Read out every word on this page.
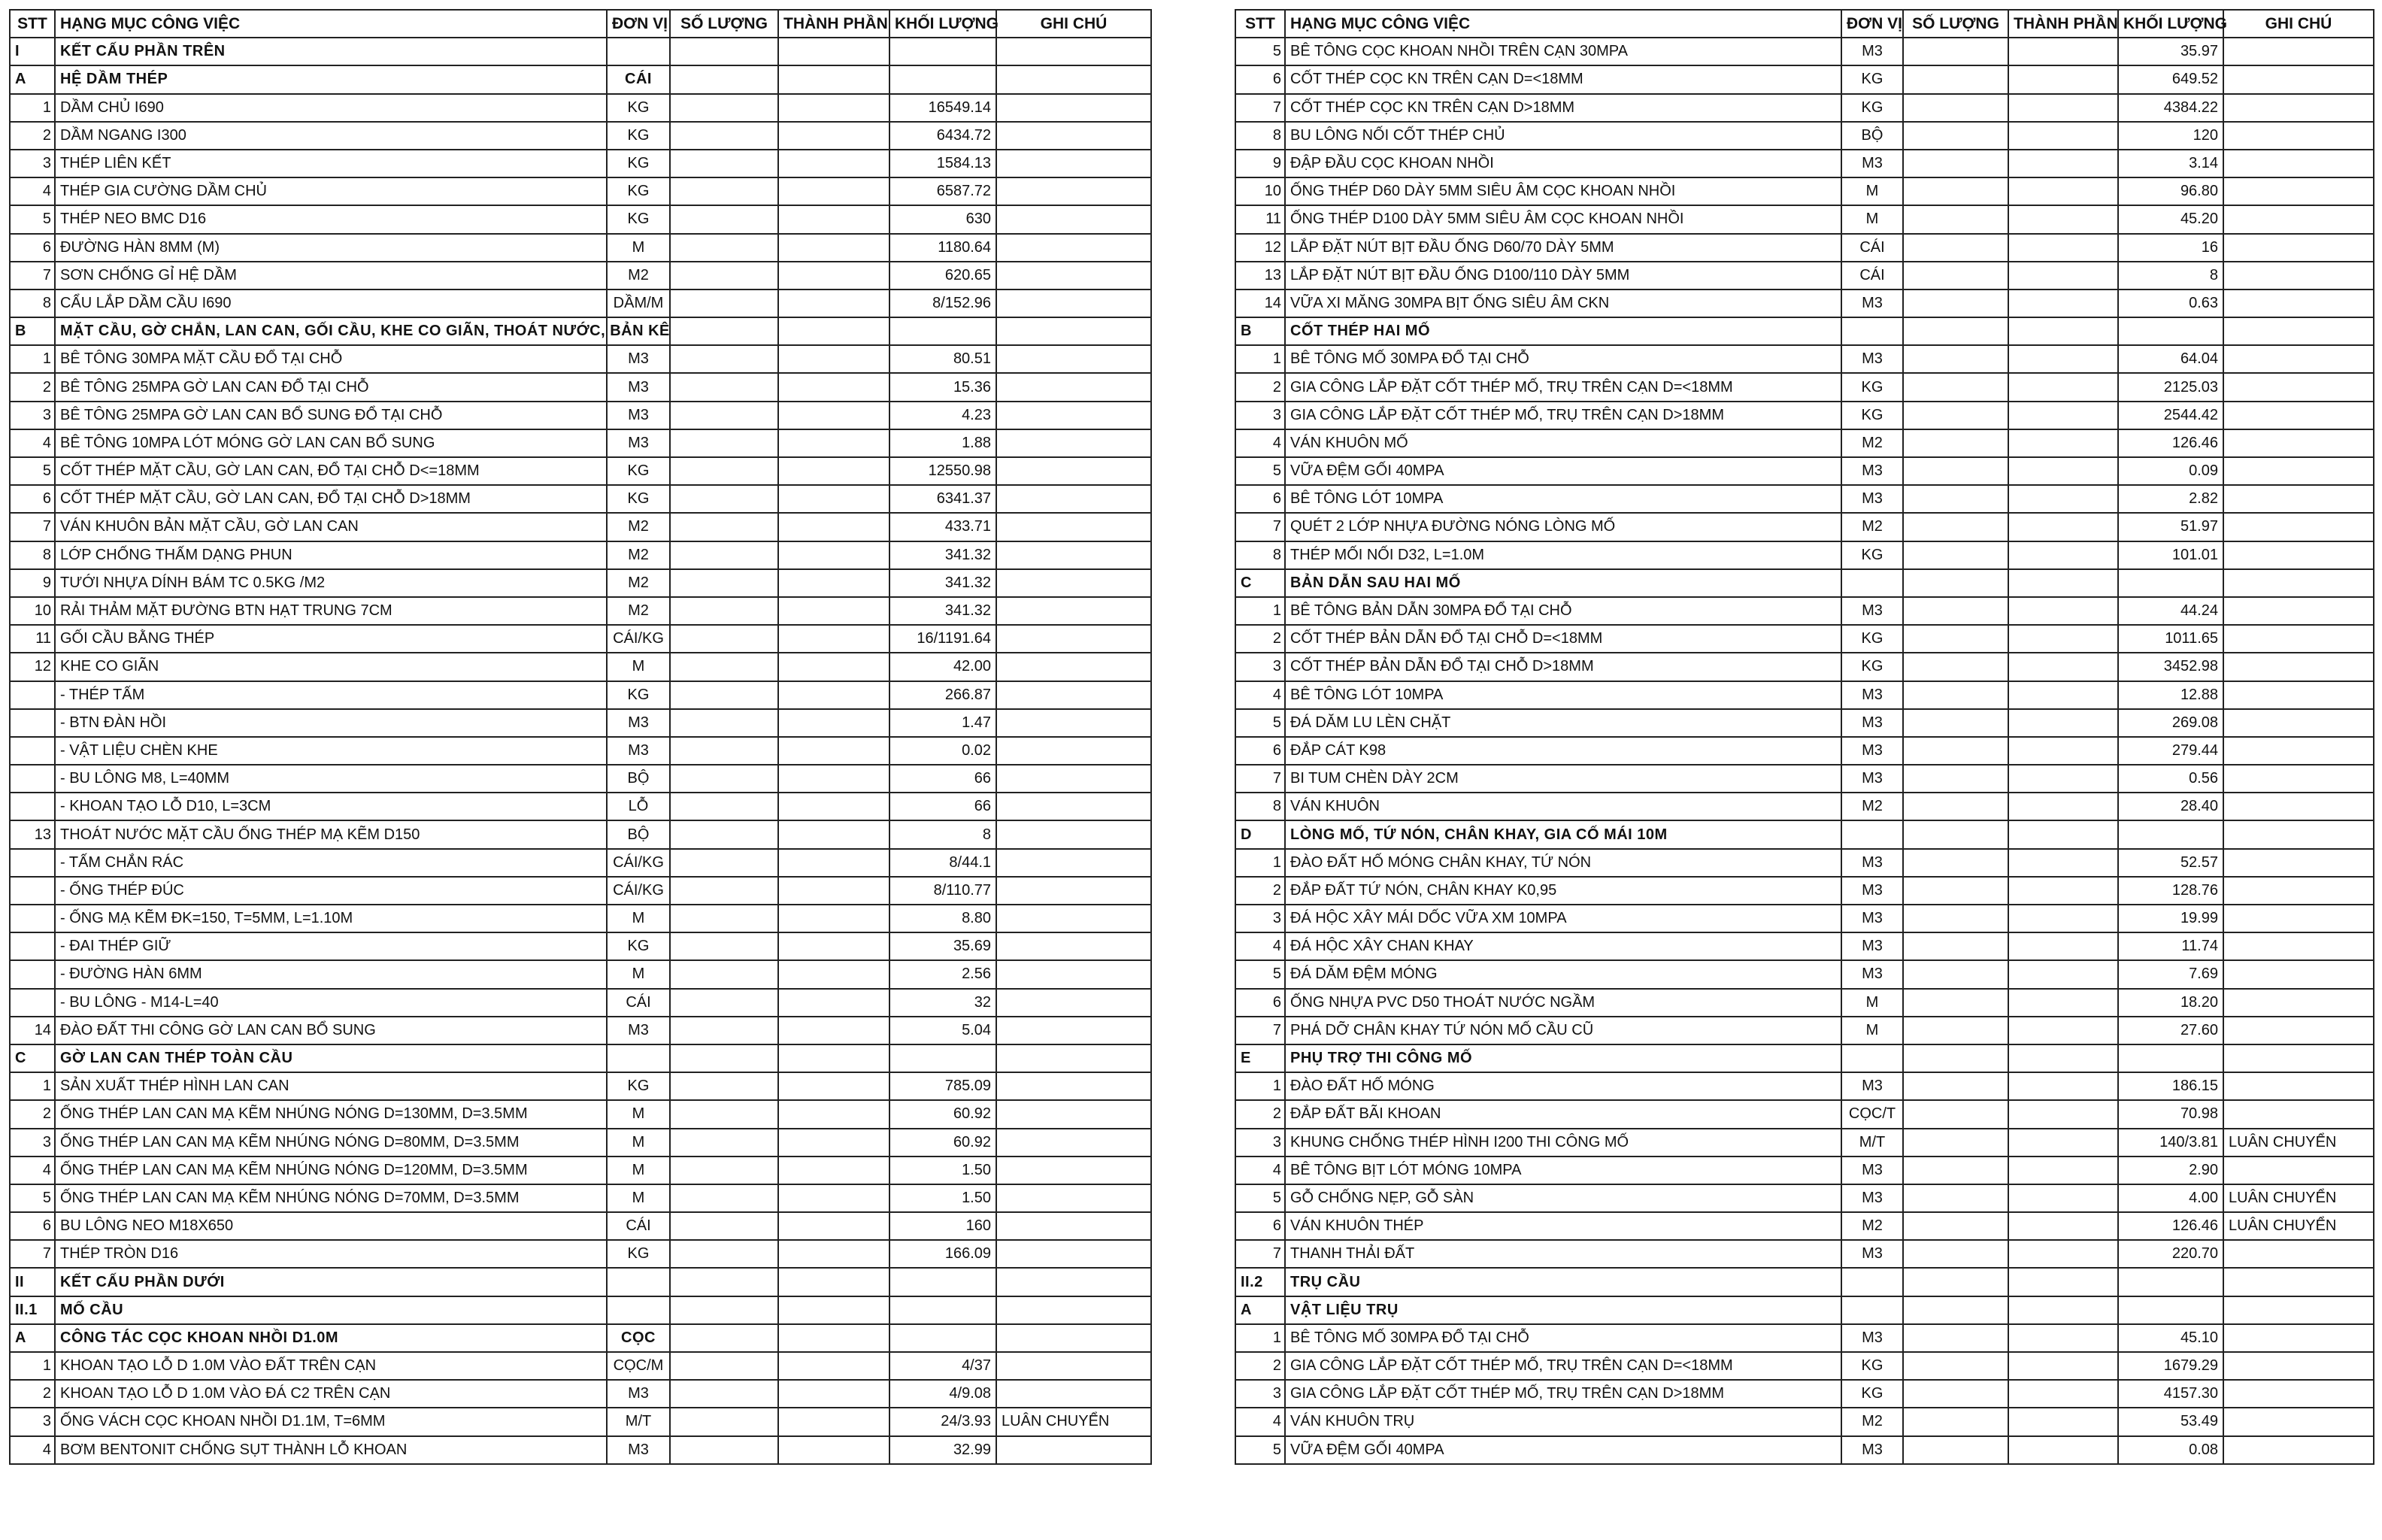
STT	HẠNG MỤC CÔNG VIỆC	ĐƠN VỊ	SỐ LƯỢNG	THÀNH PHẦN	KHỐI LƯỢNG	GHI CHÚ
I	KẾT CẤU PHẦN TRÊN					
A	HỆ DẦM THÉP	CÁI				
1	DẦM CHỦ I690	KG			16549.14	
2	DẦM NGANG I300	KG			6434.72	
3	THÉP LIÊN KẾT	KG			1584.13	
4	THÉP GIA CƯỜNG DẦM CHỦ	KG			6587.72	
5	THÉP NEO BMC D16	KG			630	
6	ĐƯỜNG HÀN 8MM (M)	M			1180.64	
7	SƠN CHỐNG GỈ HỆ DẦM	M2			620.65	
8	CẨU LẮP DẦM CẦU I690	DẦM/M			8/152.96	
B	MẶT CẦU, GỜ CHẮN, LAN CAN, GỐI CẦU, KHE CO GIÃN, THOÁT NƯỚC, BẢN KÊ					
1	BÊ TÔNG 30MPA MẶT CẦU ĐỔ TẠI CHỖ	M3			80.51	
2	BÊ TÔNG 25MPA GỜ LAN CAN ĐỔ TẠI CHỖ	M3			15.36	
3	BÊ TÔNG 25MPA GỜ LAN CAN BỔ SUNG ĐỔ TẠI CHỖ	M3			4.23	
4	BÊ TÔNG 10MPA LÓT MÓNG GỜ LAN CAN BỔ SUNG	M3			1.88	
5	CỐT THÉP MẶT CẦU, GỜ LAN CAN, ĐỔ TẠI CHỖ D<=18MM	KG			12550.98	
6	CỐT THÉP MẶT CẦU, GỜ LAN CAN, ĐỔ TẠI CHỖ D>18MM	KG			6341.37	
7	VÁN KHUÔN BẢN MẶT CẦU, GỜ LAN CAN	M2			433.71	
8	LỚP CHỐNG THẤM DẠNG PHUN	M2			341.32	
9	TƯỚI NHỰA DÍNH BÁM TC 0.5KG /M2	M2			341.32	
10	RẢI THẢM MẶT ĐƯỜNG BTN HẠT TRUNG 7CM	M2			341.32	
11	GỐI CẦU BẰNG THÉP	CÁI/KG			16/1191.64	
12	KHE CO GIÃN	M			42.00	
	- THÉP TẤM	KG			266.87	
	- BTN ĐÀN HỒI	M3			1.47	
	- VẬT LIỆU CHÈN KHE	M3			0.02	
	- BU LÔNG M8, L=40MM	BỘ			66	
	- KHOAN TẠO LỖ D10, L=3CM	LỖ			66	
13	THOÁT NƯỚC MẶT CẦU ỐNG THÉP MẠ KẼM D150	BỘ			8	
	- TẤM CHẮN RÁC	CÁI/KG			8/44.1	
	- ỐNG THÉP ĐÚC	CÁI/KG			8/110.77	
	- ỐNG MẠ KẼM ĐK=150, T=5MM, L=1.10M	M			8.80	
	- ĐAI THÉP GIỮ	KG			35.69	
	- ĐƯỜNG HÀN 6MM	M			2.56	
	- BU LÔNG - M14-L=40	CÁI			32	
14	ĐÀO ĐẤT THI CÔNG GỜ LAN CAN BỔ SUNG	M3			5.04	
C	GỜ LAN CAN THÉP TOÀN CẦU					
1	SẢN XUẤT THÉP HÌNH LAN CAN	KG			785.09	
2	ỐNG THÉP LAN CAN MẠ KẼM NHÚNG NÓNG D=130MM, D=3.5MM	M			60.92	
3	ỐNG THÉP LAN CAN MẠ KẼM NHÚNG NÓNG D=80MM, D=3.5MM	M			60.92	
4	ỐNG THÉP LAN CAN MẠ KẼM NHÚNG NÓNG D=120MM, D=3.5MM	M			1.50	
5	ỐNG THÉP LAN CAN MẠ KẼM NHÚNG NÓNG D=70MM, D=3.5MM	M			1.50	
6	BU LÔNG NEO M18X650	CÁI			160	
7	THÉP TRÒN D16	KG			166.09	
II	KẾT CẤU PHẦN DƯỚI					
II.1	MỐ CẦU					
A	CÔNG TÁC CỌC KHOAN NHỒI D1.0M	CỌC				
1	KHOAN TẠO LỖ D 1.0M VÀO ĐẤT TRÊN CẠN	CỌC/M			4/37	
2	KHOAN TẠO LỖ D 1.0M VÀO ĐÁ C2 TRÊN CẠN	M3			4/9.08	
3	ỐNG VÁCH CỌC KHOAN NHỒI D1.1M, T=6MM	M/T			24/3.93	LUÂN CHUYỂN
4	BƠM BENTONIT CHỐNG SỤT THÀNH LỖ KHOAN	M3			32.99	
STT	HẠNG MỤC CÔNG VIỆC	ĐƠN VỊ	SỐ LƯỢNG	THÀNH PHẦN	KHỐI LƯỢNG	GHI CHÚ
5	BÊ TÔNG CỌC KHOAN NHỒI TRÊN CẠN 30MPA	M3			35.97	
6	CỐT THÉP CỌC KN TRÊN CẠN D=<18MM	KG			649.52	
7	CỐT THÉP CỌC KN TRÊN CẠN D>18MM	KG			4384.22	
8	BU LÔNG NỐI CỐT THÉP CHỦ	BỘ			120	
9	ĐẬP ĐẦU CỌC KHOAN NHỒI	M3			3.14	
10	ỐNG THÉP D60 DÀY 5MM SIÊU ÂM CỌC KHOAN NHỒI	M			96.80	
11	ỐNG THÉP D100 DÀY 5MM SIÊU ÂM CỌC KHOAN NHỒI	M			45.20	
12	LẮP ĐẶT NÚT BỊT ĐẦU ỐNG D60/70 DÀY 5MM	CÁI			16	
13	LẮP ĐẶT NÚT BỊT ĐẦU ỐNG D100/110 DÀY 5MM	CÁI			8	
14	VỮA XI MĂNG 30MPA BỊT ỐNG SIÊU ÂM CKN	M3			0.63	
B	CỐT THÉP HAI MỐ					
1	BÊ TÔNG MỐ 30MPA ĐỔ TẠI CHỖ	M3			64.04	
2	GIA CÔNG LẮP ĐẶT CỐT THÉP MỐ, TRỤ TRÊN CẠN D=<18MM	KG			2125.03	
3	GIA CÔNG LẮP ĐẶT CỐT THÉP MỐ, TRỤ TRÊN CẠN D>18MM	KG			2544.42	
4	VÁN KHUÔN MỐ	M2			126.46	
5	VỮA ĐỆM GỐI 40MPA	M3			0.09	
6	BÊ TÔNG LÓT 10MPA	M3			2.82	
7	QUÉT 2 LỚP NHỰA ĐƯỜNG NÓNG LÒNG MỐ	M2			51.97	
8	THÉP MỐI NỐI D32, L=1.0M	KG			101.01	
C	BẢN DẪN SAU HAI MỐ					
1	BÊ TÔNG BẢN DẪN 30MPA ĐỔ TẠI CHỖ	M3			44.24	
2	CỐT THÉP BẢN DẪN ĐỔ TẠI CHỖ D=<18MM	KG			1011.65	
3	CỐT THÉP BẢN DẪN ĐỔ TẠI CHỖ D>18MM	KG			3452.98	
4	BÊ TÔNG LÓT 10MPA	M3			12.88	
5	ĐÁ DĂM LU LÈN CHẶT	M3			269.08	
6	ĐẮP CÁT K98	M3			279.44	
7	BI TUM CHÈN DÀY 2CM	M3			0.56	
8	VÁN KHUÔN	M2			28.40	
D	LÒNG MỐ, TỨ NÓN, CHÂN KHAY, GIA CỐ MÁI 10M					
1	ĐÀO ĐẤT HỐ MÓNG CHÂN KHAY, TỨ NÓN	M3			52.57	
2	ĐẮP ĐẤT TỨ NÓN, CHÂN KHAY K0,95	M3			128.76	
3	ĐÁ HỘC XÂY MÁI DỐC VỮA XM 10MPA	M3			19.99	
4	ĐÁ HỘC XÂY CHAN KHAY	M3			11.74	
5	ĐÁ DĂM ĐỆM MÓNG	M3			7.69	
6	ỐNG NHỰA PVC D50 THOÁT NƯỚC NGẦM	M			18.20	
7	PHÁ DỠ CHÂN KHAY TỨ NÓN MỐ CẦU CŨ	M			27.60	
E	PHỤ TRỢ THI CÔNG MỐ					
1	ĐÀO ĐẤT HỐ MÓNG	M3			186.15	
2	ĐẮP ĐẤT BÃI KHOAN	CỌC/T			70.98	
3	KHUNG CHỐNG THÉP HÌNH I200 THI CÔNG MỐ	M/T			140/3.81	LUÂN CHUYỂN
4	BÊ TÔNG BỊT LÓT MÓNG 10MPA	M3			2.90	
5	GỖ CHỐNG NẸP, GỖ SÀN	M3			4.00	LUÂN CHUYỂN
6	VÁN KHUÔN THÉP	M2			126.46	LUÂN CHUYỂN
7	THANH THẢI ĐẤT	M3			220.70	
II.2	TRỤ CẦU					
A	VẬT LIỆU TRỤ					
1	BÊ TÔNG MỐ 30MPA ĐỔ TẠI CHỖ	M3			45.10	
2	GIA CÔNG LẮP ĐẶT CỐT THÉP MỐ, TRỤ TRÊN CẠN D=<18MM	KG			1679.29	
3	GIA CÔNG LẮP ĐẶT CỐT THÉP MỐ, TRỤ TRÊN CẠN D>18MM	KG			4157.30	
4	VÁN KHUÔN TRỤ	M2			53.49	
5	VỮA ĐỆM GỐI 40MPA	M3			0.08	
